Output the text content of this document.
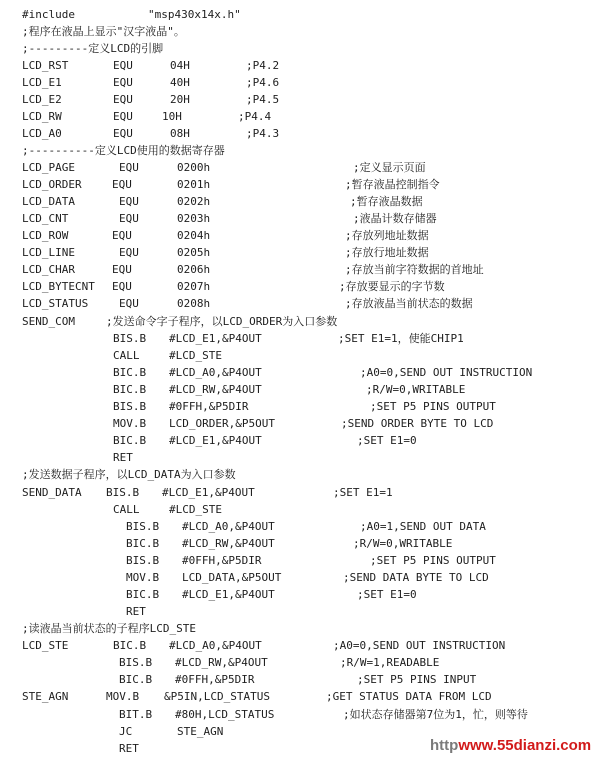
#include	"msp430x14x.h"
;程序在液晶上显示"汉字液晶"。
;---------定义LCD的引脚
LCD_RST	EQU	04H	;P4.2
LCD_E1	EQU	40H	;P4.6
LCD_E2	EQU	20H	;P4.5
LCD_RW	EQU	10H	;P4.4
LCD_A0	EQU	08H	;P4.3
;----------定义LCD使用的数据寄存器
LCD_PAGE	EQU	0200h	;定义显示页面
LCD_ORDER	EQU	0201h	;暂存液晶控制指令
LCD_DATA	EQU	0202h	;暂存液晶数据
LCD_CNT	EQU	0203h	;液晶计数存储器
LCD_ROW	EQU	0204h	;存放列地址数据
LCD_LINE	EQU	0205h	;存放行地址数据
LCD_CHAR	EQU	0206h	;存放当前字符数据的首地址
LCD_BYTECNT EQU	0207h	;存放要显示的字节数
LCD_STATUS	EQU	0208h	;存放液晶当前状态的数据
SEND_COM	;发送命令字子程序，以LCD_ORDER为入口参数
BIS.B #LCD_E1,&P4OUT	;SET E1=1，使能CHIP1
CALL	#LCD_STE
BIC.B #LCD_A0,&P4OUT	;A0=0,SEND OUT INSTRUCTION
BIC.B #LCD_RW,&P4OUT	;R/W=0,WRITABLE
BIS.B #0FFH,&P5DIR	;SET P5 PINS OUTPUT
MOV.B LCD_ORDER,&P5OUT	;SEND ORDER BYTE TO LCD
BIC.B #LCD_E1,&P4OUT	;SET E1=0
RET
;发送数据子程序，以LCD_DATA为入口参数
SEND_DATA BIS.B #LCD_E1,&P4OUT	;SET E1=1
CALL	#LCD_STE
BIS.B #LCD_A0,&P4OUT	;A0=1,SEND OUT DATA
BIC.B #LCD_RW,&P4OUT	;R/W=0,WRITABLE
BIS.B #0FFH,&P5DIR	;SET P5 PINS OUTPUT
MOV.B LCD_DATA,&P5OUT	;SEND DATA BYTE TO LCD
BIC.B #LCD_E1,&P4OUT	;SET E1=0
RET
;读液晶当前状态的子程序LCD_STE
LCD_STE	BIC.B #LCD_A0,&P4OUT	;A0=0,SEND OUT INSTRUCTION
BIS.B #LCD_RW,&P4OUT	;R/W=1,READABLE
BIC.B #0FFH,&P5DIR	;SET P5 PINS INPUT
STE_AGN	MOV.B &P5IN,LCD_STATUS	;GET STATUS DATA FROM LCD
BIT.B #80H,LCD_STATUS	;如状态存储器第7位为1，忙，则等待
JC	STE_AGN
RET	httpwww.55dianzi.com
